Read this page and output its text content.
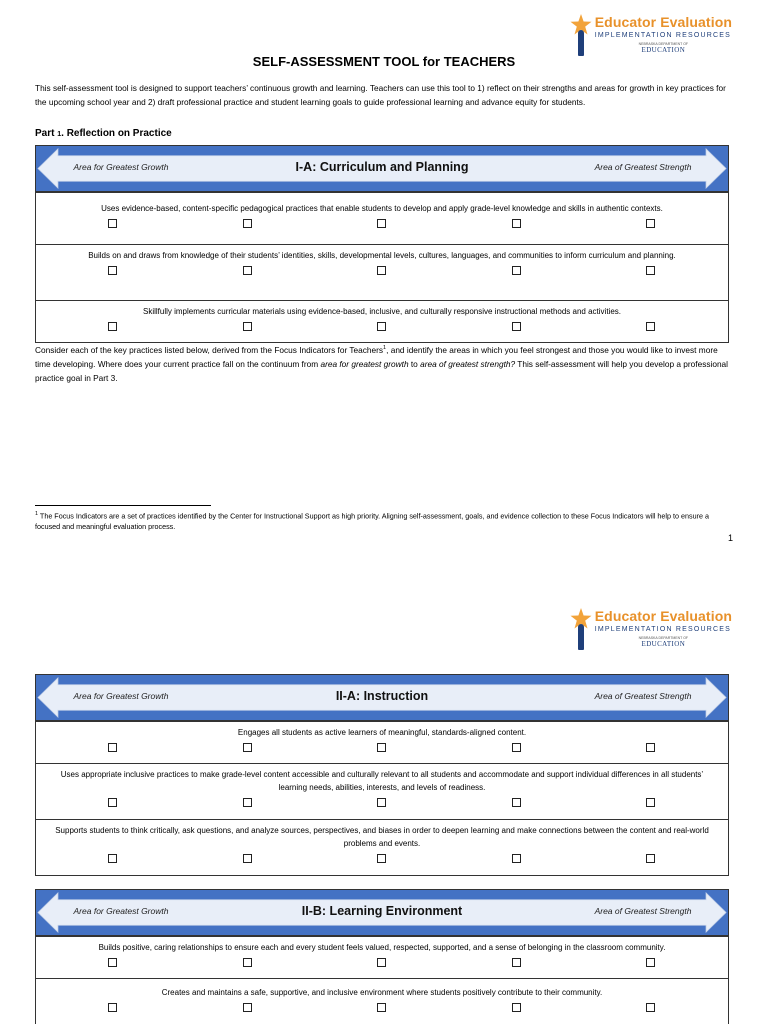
Educator Evaluation
IMPLEMENTATION RESOURCES
NEBRASKA DEPARTMENT OF
EDUCATION
SELF-ASSESSMENT TOOL for TEACHERS

This self-assessment tool is designed to support teachers’ continuous growth and learning. Teachers can use this tool to 1) reflect on their strengths and areas for growth in key practices for the upcoming school year and 2) draft professional practice and student learning goals to guide professional learning and advance equity for students.

Part 1. Reflection on Practice
Area for Greatest Growth	I-A: Curriculum and Planning	Area of Greatest Strength
Uses evidence-based, content-specific pedagogical practices that enable students to develop and apply grade-level knowledge and skills in authentic contexts.
Builds on and draws from knowledge of their students’ identities, skills, developmental levels, cultures, languages, and communities to inform curriculum and planning.
Skillfully implements curricular materials using evidence-based, inclusive, and culturally responsive instructional methods and activities.

Consider each of the key practices listed below, derived from the Focus Indicators for Teachers$^1$, and identify the areas in which you feel strongest and those you would like to invest more time developing. Where does your current practice fall on the continuum from area for greatest growth to area of greatest strength? This self-assessment will help you develop a professional practice goal in Part 3.

$^1$ The Focus Indicators are a set of practices identified by the Center for Instructional Support as high priority. Aligning self-assessment, goals, and evidence collection to these Focus Indicators will help to ensure a focused and meaningful evaluation process.

1
Educator Evaluation
IMPLEMENTATION RESOURCES
NEBRASKA DEPARTMENT OF
EDUCATION
Area for Greatest Growth	II-A: Instruction	Area of Greatest Strength
Engages all students as active learners of meaningful, standards-aligned content.
Uses appropriate inclusive practices to make grade-level content accessible and culturally relevant to all students and accommodate and support individual differences in all students’ learning needs, abilities, interests, and levels of readiness.
Supports students to think critically, ask questions, and analyze sources, perspectives, and biases in order to deepen learning and make connections between the content and real-world problems and events.
Area for Greatest Growth	II-B: Learning Environment	Area of Greatest Strength
Builds positive, caring relationships to ensure each and every student feels valued, respected, supported, and a sense of belonging in the classroom community.
Creates and maintains a safe, supportive, and inclusive environment where students positively contribute to their community.
